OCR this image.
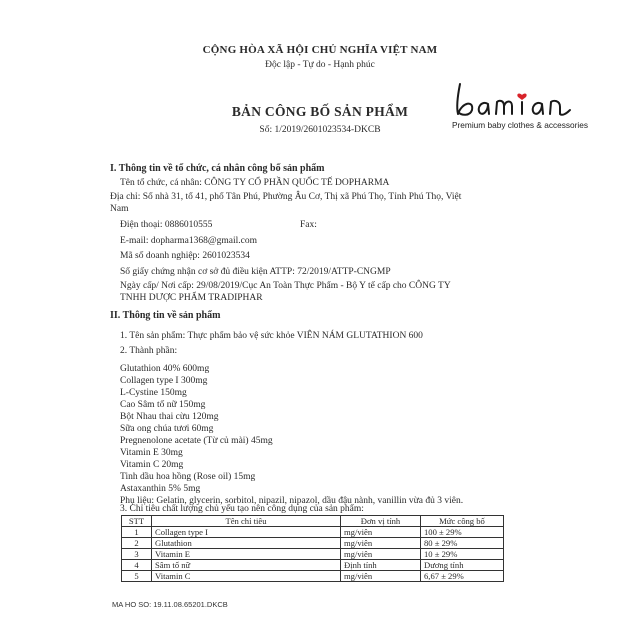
CỘNG HÒA XÃ HỘI CHỦ NGHĨA VIỆT NAM
Độc lập - Tự do - Hạnh phúc
BẢN CÔNG BỐ SẢN PHẨM
Số: 1/2019/2601023534-DKCB	Premium baby clothes & accessories
I. Thông tin về tổ chức, cá nhân công bố sản phẩm
Tên tổ chức, cá nhân: CÔNG TY CỔ PHẦN QUỐC TẾ DOPHARMA
Địa chỉ: Số nhà 31, tổ 41, phố Tân Phú, Phường Âu Cơ, Thị xã Phú Thọ, Tỉnh Phú Thọ, Việt
Nam
Điện thoại: 0886010555	Fax:
E-mail: dopharma1368@gmail.com
Mã số doanh nghiệp: 2601023534
Số giấy chứng nhận cơ sở đủ điều kiện ATTP: 72/2019/ATTP-CNGMP
Ngày cấp/ Nơi cấp: 29/08/2019/Cục An Toàn Thực Phẩm - Bộ Y tế cấp cho CÔNG TY
TNHH DƯỢC PHẨM TRADIPHAR
II. Thông tin về sản phẩm
1. Tên sản phẩm: Thực phẩm bảo vệ sức khỏe VIÊN NÁM GLUTATHION 600
2. Thành phần:
Glutathion 40% 600mg
Collagen type I 300mg
L-Cystine 150mg
Cao Sâm tố nữ 150mg
Bột Nhau thai cừu 120mg
Sữa ong chúa tươi 60mg
Pregnenolone acetate (Từ củ mài) 45mg
Vitamin E 30mg
Vitamin C 20mg
Tinh dầu hoa hồng (Rose oil) 15mg
Astaxanthin 5% 5mg
Phụ liệu: Gelatin, glycerin, sorbitol, nipazil, nipazol, dầu đậu nành, vanillin vừa đủ 3 viên.
3. Chỉ tiêu chất lượng chủ yếu tạo nên công dụng của sản phẩm:
STT	Tên chỉ tiêu	Đơn vị tính	Mức công bố
1	Collagen type I	mg/viên	100 ± 29%
2	Glutathion	mg/viên	80 ± 29%
3	Vitamin E	mg/viên	10 ± 29%
4	Sâm tố nữ	Định tính	Dương tính
5	Vitamin C	mg/viên	6,67 ± 29%
MA HO SO: 19.11.08.65201.DKCB
